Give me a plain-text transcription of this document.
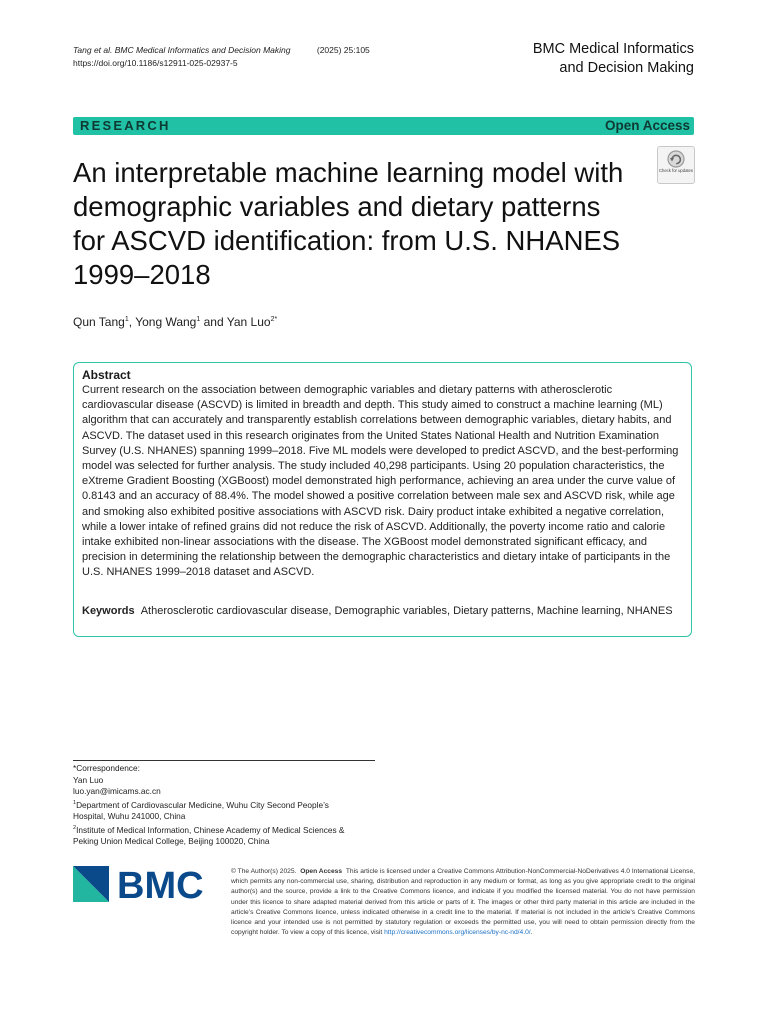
Tang et al. BMC Medical Informatics and Decision Making	(2025) 25:105
https://doi.org/10.1186/s12911-025-02937-5
BMC Medical Informatics
and Decision Making
RESEARCH	Open Access
Check for updates
An interpretable machine learning model with demographic variables and dietary patterns for ASCVD identification: from U.S. NHANES 1999–2018
Qun Tang$^1$, Yong Wang$^1$ and Yan Luo$^{2*}$
Abstract

Current research on the association between demographic variables and dietary patterns with atherosclerotic cardiovascular disease (ASCVD) is limited in breadth and depth. This study aimed to construct a machine learning (ML) algorithm that can accurately and transparently establish correlations between demographic variables, dietary habits, and ASCVD. The dataset used in this research originates from the United States National Health and Nutrition Examination Survey (U.S. NHANES) spanning 1999–2018. Five ML models were developed to predict ASCVD, and the best-performing model was selected for further analysis. The study included 40,298 participants. Using 20 population characteristics, the eXtreme Gradient Boosting (XGBoost) model demonstrated high performance, achieving an area under the curve value of 0.8143 and an accuracy of 88.4%. The model showed a positive correlation between male sex and ASCVD risk, while age and smoking also exhibited positive associations with ASCVD risk. Dairy product intake exhibited a negative correlation, while a lower intake of refined grains did not reduce the risk of ASCVD. Additionally, the poverty income ratio and calorie intake exhibited non-linear associations with the disease. The XGBoost model demonstrated significant efficacy, and precision in determining the relationship between the demographic characteristics and dietary intake of participants in the U.S. NHANES 1999–2018 dataset and ASCVD.

Keywords Atherosclerotic cardiovascular disease, Demographic variables, Dietary patterns, Machine learning, NHANES

*Correspondence:
Yan Luo
luo.yan@imicams.ac.cn
$^1$Department of Cardiovascular Medicine, Wuhu City Second People’s
Hospital, Wuhu 241000, China
$^2$Institute of Medical Information, Chinese Academy of Medical Sciences &
Peking Union Medical College, Beijing 100020, China
BMC	© The Author(s) 2025. Open Access This article is licensed under a Creative Commons Attribution-NonCommercial-NoDerivatives 4.0 International License, which permits any non-commercial use, sharing, distribution and reproduction in any medium or format, as long as you give appropriate credit to the original author(s) and the source, provide a link to the Creative Commons licence, and indicate if you modified the licensed material. You do not have permission under this licence to share adapted material derived from this article or parts of it. The images or other third party material in this article are included in the article’s Creative Commons licence, unless indicated otherwise in a credit line to the material. If material is not included in the article’s Creative Commons licence and your intended use is not permitted by statutory regulation or exceeds the permitted use, you will need to obtain permission directly from the copyright holder. To view a copy of this licence, visit http://creativecommons.org/licenses/by-nc-nd/4.0/.
